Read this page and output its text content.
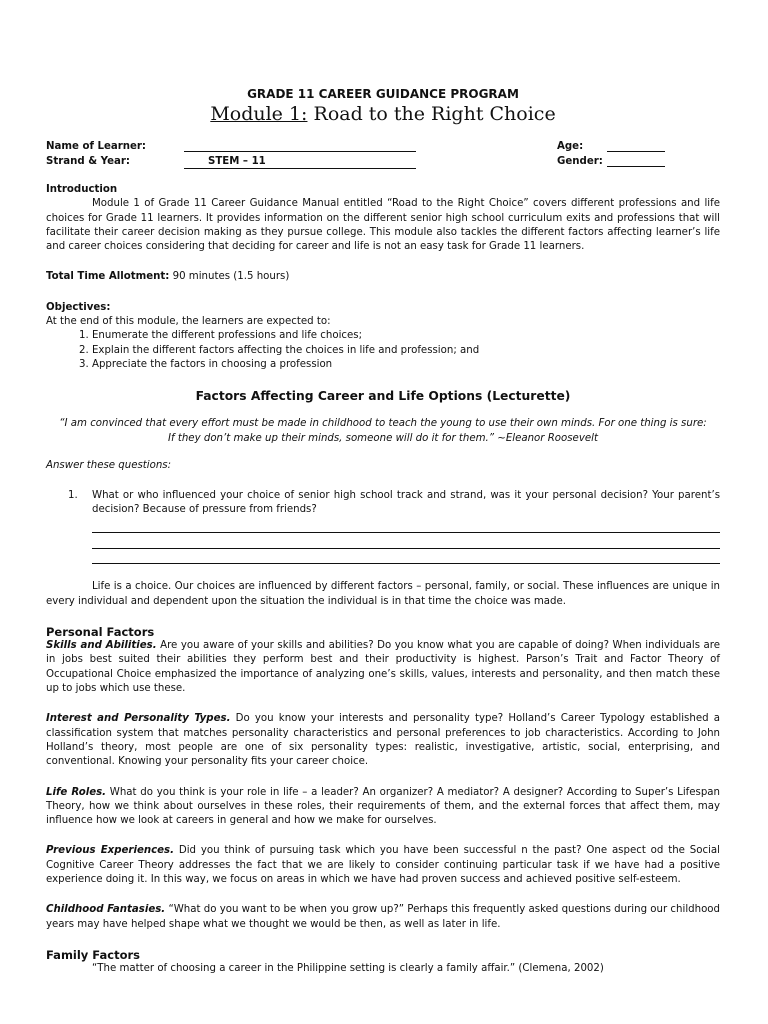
GRADE 11 CAREER GUIDANCE PROGRAM

Module 1: Road to the Right Choice

Name of Learner:	Age:
Strand & Year:	STEM – 11	Gender:

Introduction

Module 1 of Grade 11 Career Guidance Manual entitled “Road to the Right Choice” covers different professions and life choices for Grade 11 learners. It provides information on the different senior high school curriculum exits and professions that will facilitate their career decision making as they pursue college. This module also tackles the different factors affecting learner’s life and career choices considering that deciding for career and life is not an easy task for Grade 11 learners.

Total Time Allotment: 90 minutes (1.5 hours)

Objectives:

At the end of this module, the learners are expected to:

1. Enumerate the different professions and life choices;
2. Explain the different factors affecting the choices in life and profession; and
3. Appreciate the factors in choosing a profession

Factors Affecting Career and Life Options (Lecturette)

“I am convinced that every effort must be made in childhood to teach the young to use their own minds. For one thing is sure: If they don’t make up their minds, someone will do it for them.” ~Eleanor Roosevelt

Answer these questions:

1.	What or who influenced your choice of senior high school track and strand, was it your personal decision? Your parent’s decision? Because of pressure from friends?

Life is a choice. Our choices are influenced by different factors – personal, family, or social. These influences are unique in every individual and dependent upon the situation the individual is in that time the choice was made.

Personal Factors

Skills and Abilities. Are you aware of your skills and abilities? Do you know what you are capable of doing? When individuals are in jobs best suited their abilities they perform best and their productivity is highest. Parson’s Trait and Factor Theory of Occupational Choice emphasized the importance of analyzing one’s skills, values, interests and personality, and then match these up to jobs which use these.

Interest and Personality Types. Do you know your interests and personality type? Holland’s Career Typology established a classification system that matches personality characteristics and personal preferences to job characteristics. According to John Holland’s theory, most people are one of six personality types: realistic, investigative, artistic, social, enterprising, and conventional. Knowing your personality fits your career choice.

Life Roles. What do you think is your role in life – a leader? An organizer? A mediator? A designer? According to Super’s Lifespan Theory, how we think about ourselves in these roles, their requirements of them, and the external forces that affect them, may influence how we look at careers in general and how we make for ourselves.

Previous Experiences. Did you think of pursuing task which you have been successful n the past? One aspect od the Social Cognitive Career Theory addresses the fact that we are likely to consider continuing particular task if we have had a positive experience doing it. In this way, we focus on areas in which we have had proven success and achieved positive self-esteem.

Childhood Fantasies. “What do you want to be when you grow up?” Perhaps this frequently asked questions during our childhood years may have helped shape what we thought we would be then, as well as later in life.

Family Factors

“The matter of choosing a career in the Philippine setting is clearly a family affair.” (Clemena, 2002)
